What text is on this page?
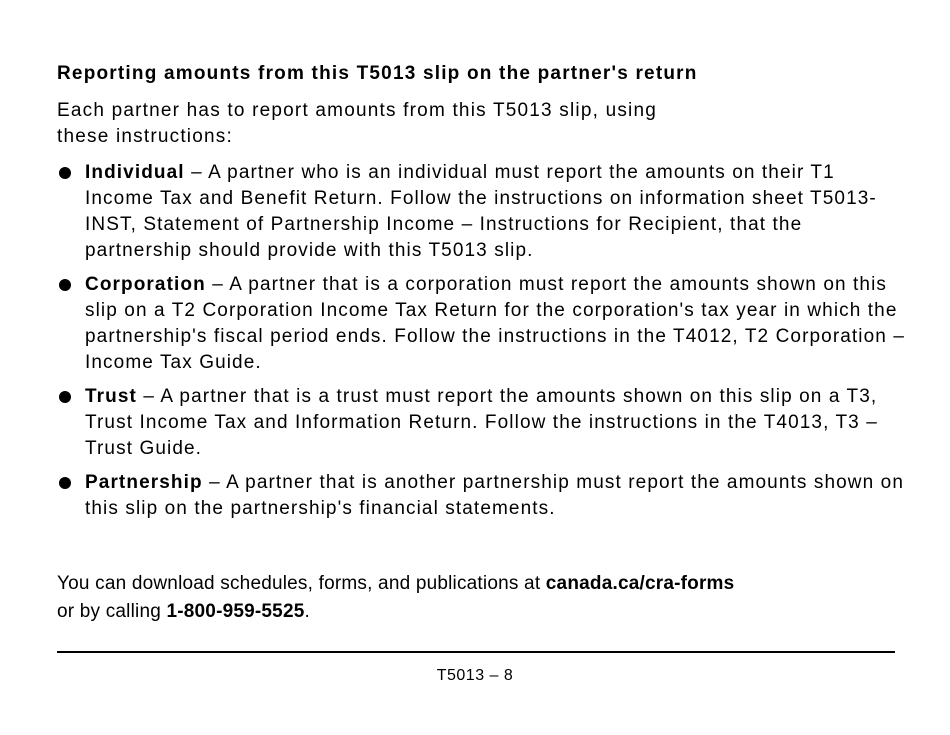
Reporting amounts from this T5013 slip on the partner's return
Each partner has to report amounts from this T5013 slip, using
these instructions:
Individual – A partner who is an individual must report the amounts on their T1 Income Tax and Benefit Return. Follow the instructions on information sheet T5013-INST, Statement of Partnership Income – Instructions for Recipient, that the partnership should provide with this T5013 slip.
Corporation – A partner that is a corporation must report the amounts shown on this slip on a T2 Corporation Income Tax Return for the corporation's tax year in which the partnership's fiscal period ends. Follow the instructions in the T4012, T2 Corporation – Income Tax Guide.
Trust – A partner that is a trust must report the amounts shown on this slip on a T3, Trust Income Tax and Information Return. Follow the instructions in the T4013, T3 – Trust Guide.
Partnership – A partner that is another partnership must report the amounts shown on this slip on the partnership's financial statements.
You can download schedules, forms, and publications at canada.ca/cra-forms
or by calling 1-800-959-5525.
T5013 – 8
